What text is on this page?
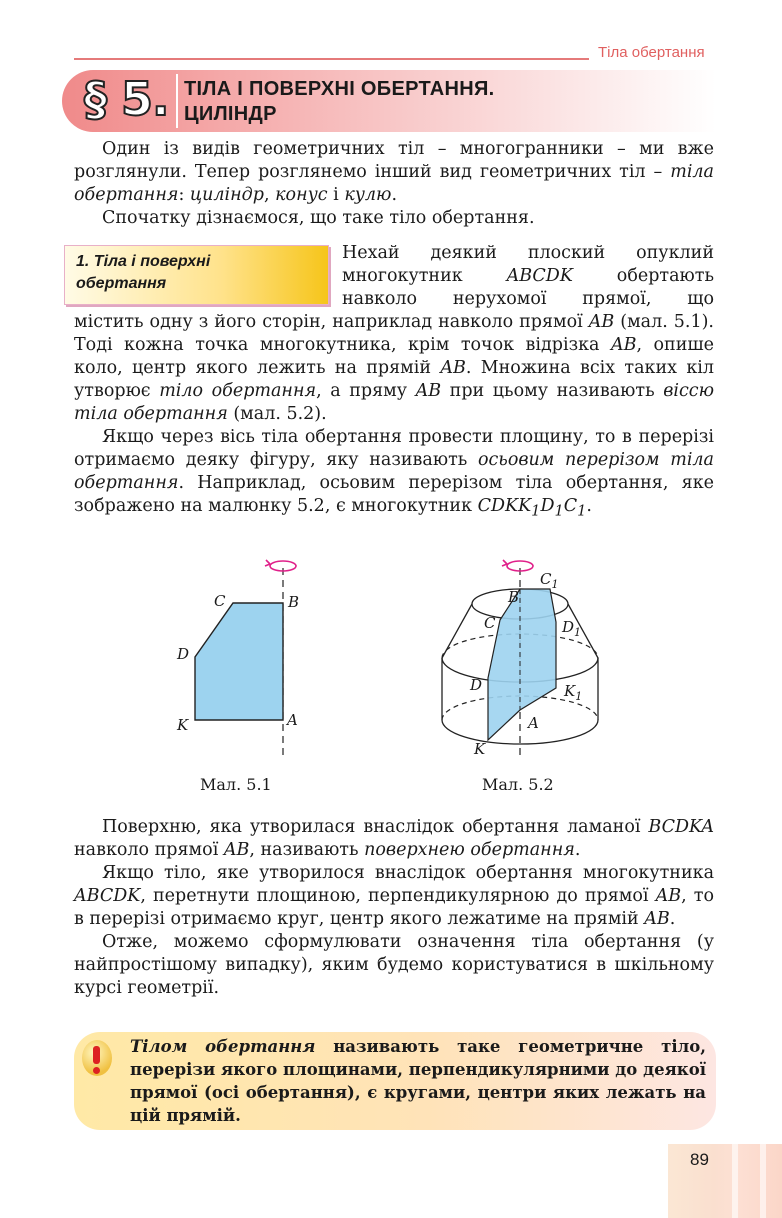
Тіла обертання
§ 5. ТІЛА І ПОВЕРХНІ ОБЕРТАННЯ.
ЦИЛІНДР

Один із видів геометричних тіл – многогранники – ми вже розглянули. Тепер розглянемо інший вид геометричних тіл – тіла обертання: циліндр, конус і кулю.

Спочатку дізнаємося, що таке тіло обертання.

1. Тіла і поверхні
обертання

Нехай деякий плоский опуклий

многокутник ABCDK обертають

навколо нерухомої прямої, що

містить одну з його сторін, наприклад навколо прямої AB (мал. 5.1). Тоді кожна точка многокутника, крім точок відрізка AB, опише коло, центр якого лежить на прямій AB. Множина всіх таких кіл утворює тіло обертання, а пряму AB при цьому називають віссю тіла обертання (мал. 5.2).

Якщо через вісь тіла обертання провести площину, то в перерізі отримаємо деяку фігуру, яку називають осьовим перерізом тіла обертання. Наприклад, осьовим перерізом тіла обертання, яке зображено на малюнку 5.2, є многокутник $CDKK_1D_1C_1$.

C	B
D
K	A
Мал. 5.1
$C_1$
B
C	$D_1$
D	$K_1$
A
K
Мал. 5.2

Поверхню, яка утворилася внаслідок обертання ламаної BCDKA навколо прямої AB, називають поверхнею обертання.

Якщо тіло, яке утворилося внаслідок обертання многокутника ABCDK, перетнути площиною, перпендикулярною до прямої AB, то в перерізі отримаємо круг, центр якого лежатиме на прямій AB.

Отже, можемо сформулювати означення тіла обертання (у найпростішому випадку), яким будемо користуватися в шкільному курсі геометрії.

Тілом обертання називають таке геометричне тіло, перерізи якого площинами, перпендикулярними до деякої прямої (осі обертання), є кругами, центри яких лежать на цій прямій.
89
